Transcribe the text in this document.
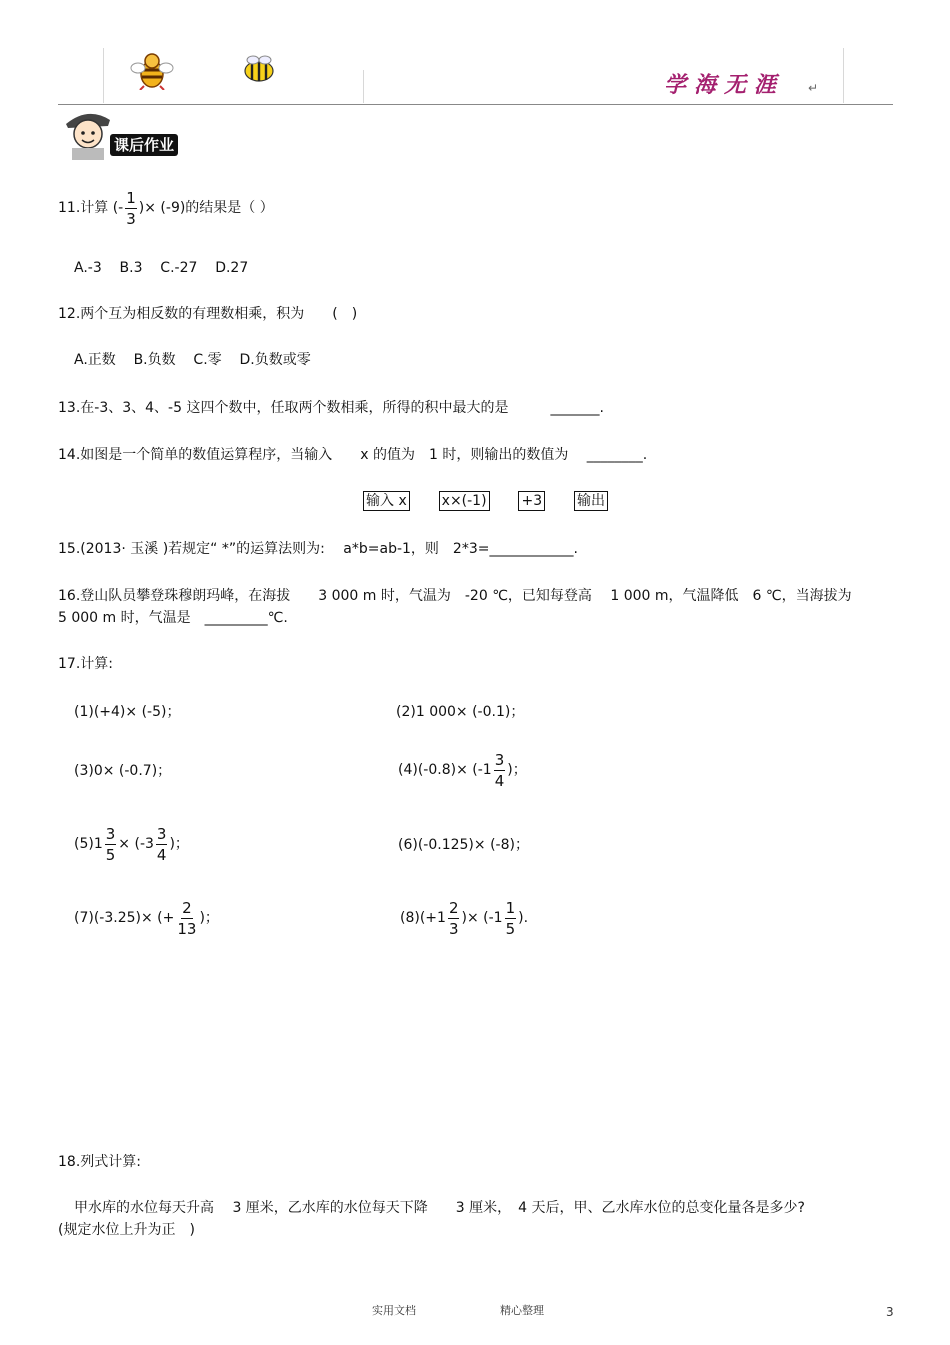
学海无涯 ↵
课后作业
11.计算 (- $\frac{1}{3}$ )× (-9)的结果是（ ）
A.-3    B.3    C.-27    D.27
12.两个互为相反数的有理数相乘，积为　　(　)
A.正数    B.负数    C.零    D.负数或零
13.在-3、3、4、-5 这四个数中，任取两个数相乘，所得的积中最大的是　　　_______.
14.如图是一个简单的数值运算程序，当输入　　x 的值为　1 时，则输出的数值为　 ________.
输入 x x×(-1) +3 输出
15.(2013· 玉溪 )若规定“ *”的运算法则为:　 a*b=ab-1，则　2*3=____________.
16.登山队员攀登珠穆朗玛峰，在海拔　　3 000 m 时，气温为　-20 ℃，已知每登高　 1 000 m，气温降低　6 ℃，当海拔为
5 000 m 时，气温是　_________℃.
17.计算:
(1)(+4)× (-5)；	(2)1 000× (-0.1)；
(3)0× (-0.7)；	$(4)(-0.8)\times (-1 \frac{3}{4}$ )；
$(5)1 \frac{3}{5} \times (-3 \frac{3}{4}$ )；	(6)(-0.125)× (-8)；
(7)(-3.25)× (+ $\frac{2}{13}$ )；	$(8)(+1 \frac{2}{3}$ )× ($-1 \frac{1}{5}$ ).
18.列式计算:
甲水库的水位每天升高　 3 厘米，乙水库的水位每天下降　　3 厘米，　4 天后，甲、乙水库水位的总变化量各是多少?
(规定水位上升为正　)
实用文档	精心整理	3
